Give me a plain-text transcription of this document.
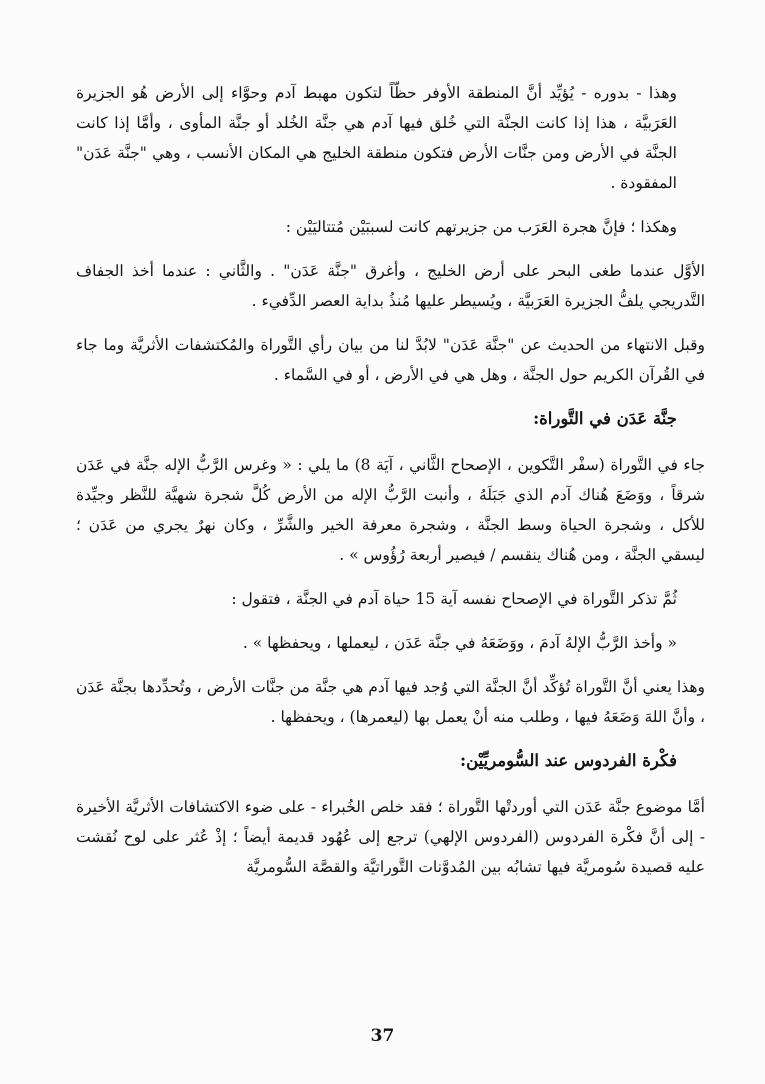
وهذا - بدوره - يُؤيِّد أنَّ المنطقة الأوفر حظّاً لتكون مهبط آدم وحوَّاء إلى الأرض هُو الجزيرة العَرَبيَّة ، هذا إذا كانت الجنَّة التي خُلق فيها آدم هي جنَّة الخُلد أو جنَّة المأوى ، وأمَّا إذا كانت الجنَّة في الأرض ومن جنَّات الأرض فتكون منطقة الخليج هي المكان الأنسب ، وهي "جنَّة عَدَن" المفقودة .

وهكذا ؛ فإنَّ هجرة العَرَب من جزيرتهم كانت لسببَيْن مُتتاليَيْن :

الأوَّل عندما طغى البحر على أرض الخليج ، وأغرق "جنَّة عَدَن" . والثَّاني : عندما أخذ الجفاف التَّدريجي يلفُّ الجزيرة العَرَبيَّة ، ويُسيطر عليها مُنذُ بداية العصر الدِّفيء .

وقبل الانتهاء من الحديث عن "جنَّة عَدَن" لابُدَّ لنا من بيان رأي التَّوراة والمُكتشفات الأثريَّة وما جاء في القُرآن الكريم حول الجنَّة ، وهل هي في الأرض ، أو في السَّماء .

جنَّة عَدَن في التَّوراة:

جاء في التَّوراة (سفْر التَّكوين ، الإصحاح الثَّاني ، آيَة 8) ما يلي : « وغرس الرَّبُّ الإله جنَّة في عَدَن شرقاً ، ووَضَعَ هُناك آدم الذي جَبَلَهُ ، وأنبت الرَّبُّ الإله من الأرض كُلَّ شجرة شهيَّة للنَّظر وجيِّدة للأكل ، وشجرة الحياة وسط الجنَّة ، وشجرة معرفة الخير والشَّرِّ ، وكان نهرٌ يجري من عَدَن ؛ ليسقي الجنَّة ، ومن هُناك ينقسم / فيصير أربعة رُؤُوس » .

ثُمَّ تذكر التَّوراة في الإصحاح نفسه آية 15 حياة آدم في الجنَّة ، فتقول :

« وأخذ الرَّبُّ الإلهُ آدمَ ، ووَضَعَهُ في جنَّة عَدَن ، ليعملها ، ويحفظها » .

وهذا يعني أنَّ التَّوراة تُؤكِّد أنَّ الجنَّة التي وُجد فيها آدم هي جنَّة من جنَّات الأرض ، وتُحدِّدها بجنَّة عَدَن ، وأنَّ اللهَ وَضَعَهُ فيها ، وطلب منه أنْ يعمل بها (ليعمرها) ، ويحفظها .

فكْرة الفردوس عند السُّومريِّيْن:

أمَّا موضوع جنَّة عَدَن التي أوردتْها التَّوراة ؛ فقد خلص الخُبراء - على ضوء الاكتشافات الأثريَّة الأخيرة - إلى أنَّ فكْرة الفردوس (الفردوس الإلهي) ترجع إلى عُهُود قديمة أيضاً ؛ إذْ عُثر على لوح نُقشت عليه قصيدة سُومريَّة فيها تشابُه بين المُدوَّنات التَّوراتيَّة والقصَّة السُّومريَّة

37
